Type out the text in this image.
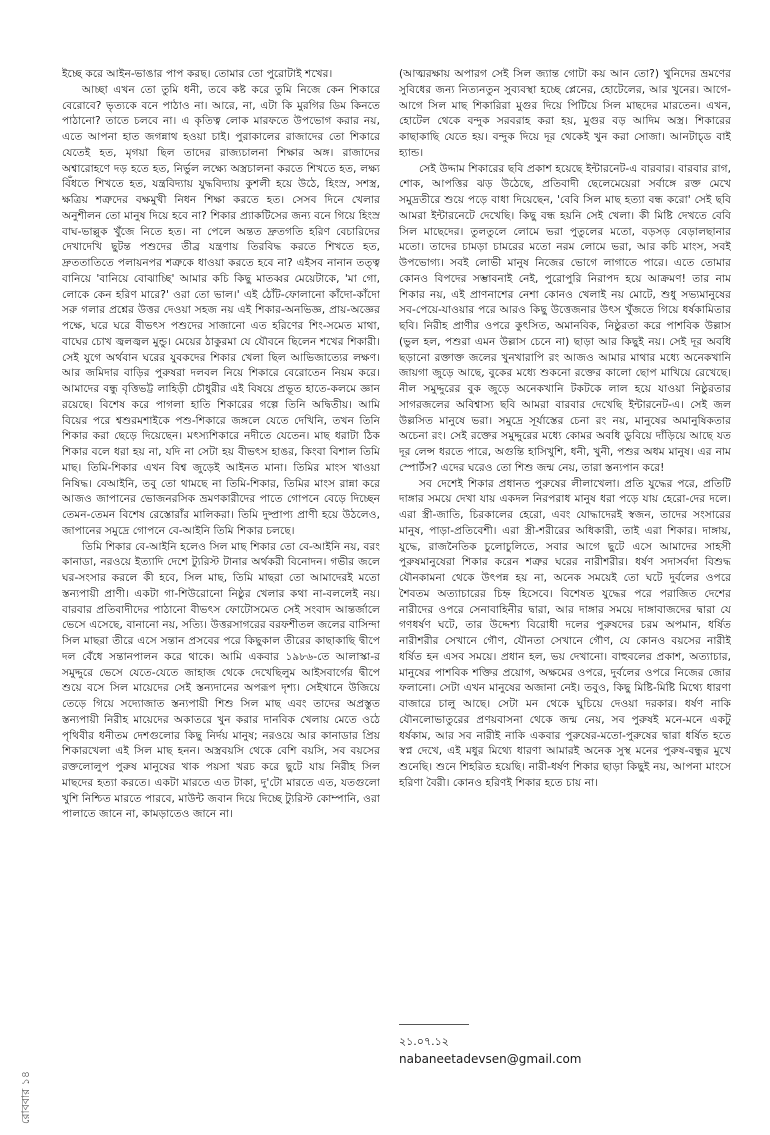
রোববার ১৪

ইচ্ছে করে আইন-ভাঙার পাপ করছ। তোমার তো পুরোটাই শখের।

আচ্ছা এখন তো তুমি ধনী, তবে কষ্ট করে তুমি নিজে কেন শিকারে বেরোবে? ভৃত্যকে বনে পাঠাও না। আরে, না, এটা কি মুরগির ডিম কিনতে পাঠানো? তাতে চলবে না। এ কৃতিত্ব লোক মারফতে উপভোগ করার নয়, এতে আপনা হাত জগন্নাথ হওয়া চাই। পুরাকালের রাজাদের তো শিকারে যেতেই হত, মৃগয়া ছিল তাদের রাজ্যচালনা শিক্ষার অঙ্গ। রাজাদের অশ্বারোহণে দড় হতে হত, নির্ভুল লক্ষ্যে অস্ত্রচালনা করতে শিখতে হত, লক্ষ্য বিঁধতে শিখতে হত, যন্ত্রবিদ্যায় যুদ্ধবিদ্যায় কুশলী হয়ে উঠে, হিংস্র, সশস্ত্র, ক্ষত্রিয় শত্রুদের বক্ষমুখী নিধন শিক্ষা করতে হত। সেসব দিনে খেলার অনুশীলন তো মানুষ দিয়ে হবে না? শিকার প্র্যাকটিসের জন্য বনে গিয়ে হিংস্র বাঘ-ভাল্লুক খুঁজে নিতে হত। না পেলে অন্তত দ্রুতগতি হরিণ বেচারিদের দেখাদেখি ছুটন্ত পশুদের তীব্র যন্ত্রণায় তিরবিদ্ধ করতে শিখতে হত, দ্রুততাতিতে পলায়নপর শত্রুকে ধাওয়া করতে হবে না? এইসব নানান তত্ত্ব বানিয়ে 'বানিয়ে বোঝাচ্ছি' আমার কচি কিছু মাতব্বর মেয়েটাকে, 'মা গো, লোকে কেন হরিণ মারে?' ওরা তো ভাল।' এই ঠোঁট-ফোলানো কাঁদো-কাঁদো সরু গলার প্রশ্নের উত্তর দেওয়া সহজ নয় এই শিকার-অনভিজ্ঞ, প্রায়-অজ্ঞের পক্ষে, ঘরে ঘরে বীভৎস পশুদের সাজানো এত হরিণের শিং-সমেত মাথা, বাঘের চোখ জ্বলজ্বল মুন্ডু। মেয়ের ঠাকুরমা যে যৌবনে ছিলেন শখের শিকারী। সেই যুগে অর্থবান ঘরের যুবকদের শিকার খেলা ছিল আভিজাত্যের লক্ষণ। আর জমিদার বাড়ির পুরুষরা দলবল নিয়ে শিকারে বেরোতেন নিয়ম করে। আমাদের বন্ধু বৃত্তিভট্ট লাহিড়ী চৌধুরীর এই বিষয়ে প্রভূত হাতে-কলমে জ্ঞান রয়েছে। বিশেষ করে পাগলা হাতি শিকারের গল্পে তিনি অদ্বিতীয়। আমি বিয়ের পরে শ্বশুরমশাইকে পশু-শিকারে জঙ্গলে যেতে দেখিনি, তখন তিনি শিকার করা ছেড়ে দিয়েছেন। মৎস্যশিকারে নদীতে যেতেন। মাছ ধরাটা ঠিক শিকার বলে ধরা হয় না, যদি না সেটা হয় বীভৎস হাঙর, কিংবা বিশাল তিমি মাছ। তিমি-শিকার এখন বিশ্ব জুড়েই আইনত মানা। তিমির মাংস খাওয়া নিষিদ্ধ। বেআইনি, তবু তো থামছে না তিমি-শিকার, তিমির মাংস রান্না করে আজও জাপানের ভোজনরসিক ভ্রমণকারীদের পাতে গোপনে বেড়ে দিচ্ছেন তেমন-তেমন বিশেষ রেস্তোরাঁর মালিকরা। তিমি দুষ্প্রাপ্য প্রাণী হয়ে উঠলেও, জাপানের সমুদ্রে গোপনে বে-আইনি তিমি শিকার চলছে।

তিমি শিকার বে-আইনি হলেও সিল মাছ শিকার তো বে-আইনি নয়, বরং কানাডা, নরওয়ে ইত্যাদি দেশে ট্যুরিস্ট টানার অর্থকরী বিনোদন। গভীর জলে ঘর-সংসার করলে কী হবে, সিল মাছ, তিমি মাছরা তো আমাদেরই মতো স্তন্যপায়ী প্রাণী। একটা গা-শিউরোনো নিষ্ঠুর খেলার কথা না-বললেই নয়। বারবার প্রতিবাদীদের পাঠানো বীভৎস ফোটোসমেত সেই সংবাদ আন্তর্জালে ভেসে এসেছে, বানানো নয়, সত্যি। উত্তরসাগরের বরফশীতল জলের বাসিন্দা সিল মাছরা তীরে এসে সন্তান প্রসবের পরে কিছুকাল তীরের কাছাকাছি দ্বীপে দল বেঁধে সন্তানপালন করে থাকে। আমি একবার ১৯৮৬-তে আলাস্কা-র সমুদ্দুরে ভেসে যেতে-যেতে জাহাজ থেকে দেখেছিলুম আইসবার্গের দ্বীপে শুয়ে বসে সিল মায়েদের সেই স্তন্যদানের অপরূপ দৃশ্য। সেইখানে উজিয়ে তেড়ে গিয়ে সদ্যোজাত স্তন্যপায়ী শিশু সিল মাছ এবং তাদের অপ্রস্তুত স্তন্যপায়ী নিরীহ মায়েদের অকাতরে খুন করার দানবিক খেলায় মেতে ওঠে পৃথিবীর ধনীতম দেশগুলোর কিছু নির্দয় মানুষ; নরওয়ে আর কানাডার প্রিয় শিকারখেলা এই সিল মাছ হনন। অস্ত্রবয়সি থেকে বেশি বয়সি, সব বয়সের রক্তলোলুপ পুরুষ মানুষের খাক পয়সা খরচ করে ছুটে যায় নিরীহ সিল মাছদের হত্যা করতে। একটা মারতে এত টাকা, দু'টো মারতে এত, যতগুলো খুশি নিশ্চিত মারতে পারবে, মাউন্ট জবান দিয়ে দিচ্ছে ট্যুরিস্ট কোম্পানি, ওরা পালাতে জানে না, কামড়াতেও জানে না।

(আত্মরক্ষায় অপারগ সেই সিল জ্যান্ত গোটা কয় আন তো?) খুনিদের ভ্রমণের সুবিধের জন্য নিত্যনতুন সুব্যবস্থা হচ্ছে প্লেনের, হোটেলের, আর খুনের। আগে-আগে সিল মাছ শিকারিরা মুগুর দিয়ে পিটিয়ে সিল মাছদের মারতেন। এখন, হোটেল থেকে বন্দুক সরবরাহ করা হয়, মুগুর বড় আদিম অস্ত্র। শিকারের কাছাকাছি যেতে হয়। বন্দুক দিয়ে দূর থেকেই খুন করা সোজা। আনটাচ্ড বাই হ্যান্ড।

সেই উদ্দাম শিকারের ছবি প্রকাশ হয়েছে ইন্টারনেট-এ বারবার। বারবার রাগ, শোক, আপত্তির ঝড় উঠেছে, প্রতিবাদী ছেলেমেয়েরা সর্বাঙ্গে রক্ত মেখে সমুদ্রতীরে শুয়ে পড়ে বাধা দিয়েছেন, 'বেবি সিল মাছ হত্যা বন্ধ করো' সেই ছবি আমরা ইন্টারনেটে দেখেছি। কিছু বন্ধ হয়নি সেই খেলা। কী মিষ্টি দেখতে বেবি সিল মাছেদের। তুলতুলে লোমে ভরা পুতুলের মতো, বড়সড় বেড়ালছানার মতো। তাদের চামড়া চামরের মতো নরম লোমে ভরা, আর কচি মাংস, সবই উপভোগ্য। সবই লোভী মানুষ নিজের ভোগে লাগাতে পারে। এতে তোমার কোনও বিপদের সম্ভাবনাই নেই, পুরোপুরি নিরাপদ হয়ে আক্রমণ! তার নাম শিকার নয়, এই প্রাণনাশের নেশা কোনও খেলাই নয় মোটে, শুধু সভ্যমানুষের সব-পেয়ে-যাওয়ার পরে আরও কিছু উত্তেজনার উৎস খুঁজতে গিয়ে ধর্ষকামিতার ছবি। নিরীহ প্রাণীর ওপরে কুৎসিত, অমানবিক, নিষ্ঠুরতা করে পাশবিক উল্লাস (ভুল হল, পশুরা এমন উল্লাস চেনে না) ছাড়া আর কিছুই নয়। সেই দূর অবধি ছড়ানো রক্তাক্ত জলের খুনখারাপি রং আজও আমার মাথার মধ্যে অনেকখানি জায়গা জুড়ে আছে, বুকের মধ্যে শুকনো রক্তের কালো ছোপ মাখিয়ে রেখেছে। নীল সমুদ্দুরের বুক জুড়ে অনেকখানি টকটকে লাল হয়ে যাওয়া নিষ্ঠুরতার সাগরজলের অবিশ্বাস্য ছবি আমরা বারবার দেখেছি ইন্টারনেট-এ। সেই জল উল্লসিত মানুষে ভরা। সমুদ্রে সূর্যাস্তের চেনা রং নয়, মানুষের অমানুষিকতার অচেনা রং। সেই রক্তের সমুদ্দুরের মধ্যে কোমর অবধি ডুবিয়ে দাঁড়িয়ে আছে যত দূর লেন্স ধরতে পারে, অগুন্তি হাসিখুশি, ধনী, খুনী, পশুর অধম মানুষ। এর নাম স্পোর্টস? এদের ঘরেও তো শিশু জন্ম নেয়, তারা স্তন্যপান করে!

সব দেশেই শিকার প্রধানত পুরুষের লীলাখেলা। প্রতি যুদ্ধের পরে, প্রতিটি দাঙ্গার সময়ে দেখা যায় একদল নিরপরাধ মানুষ ধরা পড়ে যায় হেরো-দের দলে। এরা স্ত্রী-জাতি, চিরকালের হেরো, এবং যোদ্ধাদেরই স্বজন, তাদের সংসারের মানুষ, পাড়া-প্রতিবেশী। এরা স্ত্রী-শরীরের অধিকারী, তাই এরা শিকার। দাঙ্গায়, যুদ্ধে, রাজনৈতিক চুলোচুলিতে, সবার আগে ছুটে এসে আমাদের সাহসী পুরুষমানুষেরা শিকার করেন শত্রুর ঘরের নারীশরীর। ধর্ষণ সদাসর্বদা বিশুদ্ধ যৌনকামনা থেকে উৎপন্ন হয় না, অনেক সময়েই তো ঘটে দুর্বলের ওপরে শৈবতম অত্যাচারের চিহ্ন হিসেবে। বিশেষত যুদ্ধের পরে পরাজিত দেশের নারীদের ওপরে সেনাবাহিনীর দ্বারা, আর দাঙ্গার সময়ে দাঙ্গাবাজদের দ্বারা যে গণধর্ষণ ঘটে, তার উদ্দেশ্য বিরোধী দলের পুরুষদের চরম অপমান, ধর্ষিত নারীশরীর সেখানে গৌণ, যৌনতা সেখানে গৌণ, যে কোনও বয়সের নারীই ধর্ষিত হন এসব সময়ে। প্রধান হল, ভয় দেখানো। বাহুবলের প্রকাশ, অত্যাচার, মানুষের পাশবিক শক্তির প্রয়োগ, অক্ষমের ওপরে, দুর্বলের ওপরে নিজের জোর ফলানো। সেটা এখন মানুষের অজানা নেই। তবুও, কিছু মিষ্টি-মিষ্টি মিথ্যে ধারণা বাজারে চালু আছে। সেটা মন থেকে ঘুচিয়ে দেওয়া দরকার। ধর্ষণ নাকি যৌনলোভাতুরের প্রণয়বাসনা থেকে জন্ম নেয়, সব পুরুষই মনে-মনে একটু ধর্ষকাম, আর সব নারীই নাকি একবার পুরুষের-মতো-পুরুষের দ্বারা ধর্ষিত হতে স্বপ্ন দেখে, এই মধুর মিথ্যে ধারণা আমারই অনেক সুস্থ মনের পুরুষ-বন্ধুর মুখে শুনেছি। শুনে শিহরিত হয়েছি। নারী-ধর্ষণ শিকার ছাড়া কিছুই নয়, আপনা মাংসে হরিণা বৈরী। কোনও হরিণই শিকার হতে চায় না।

২১.০৭.১২
nabaneetadevsen@gmail.com
